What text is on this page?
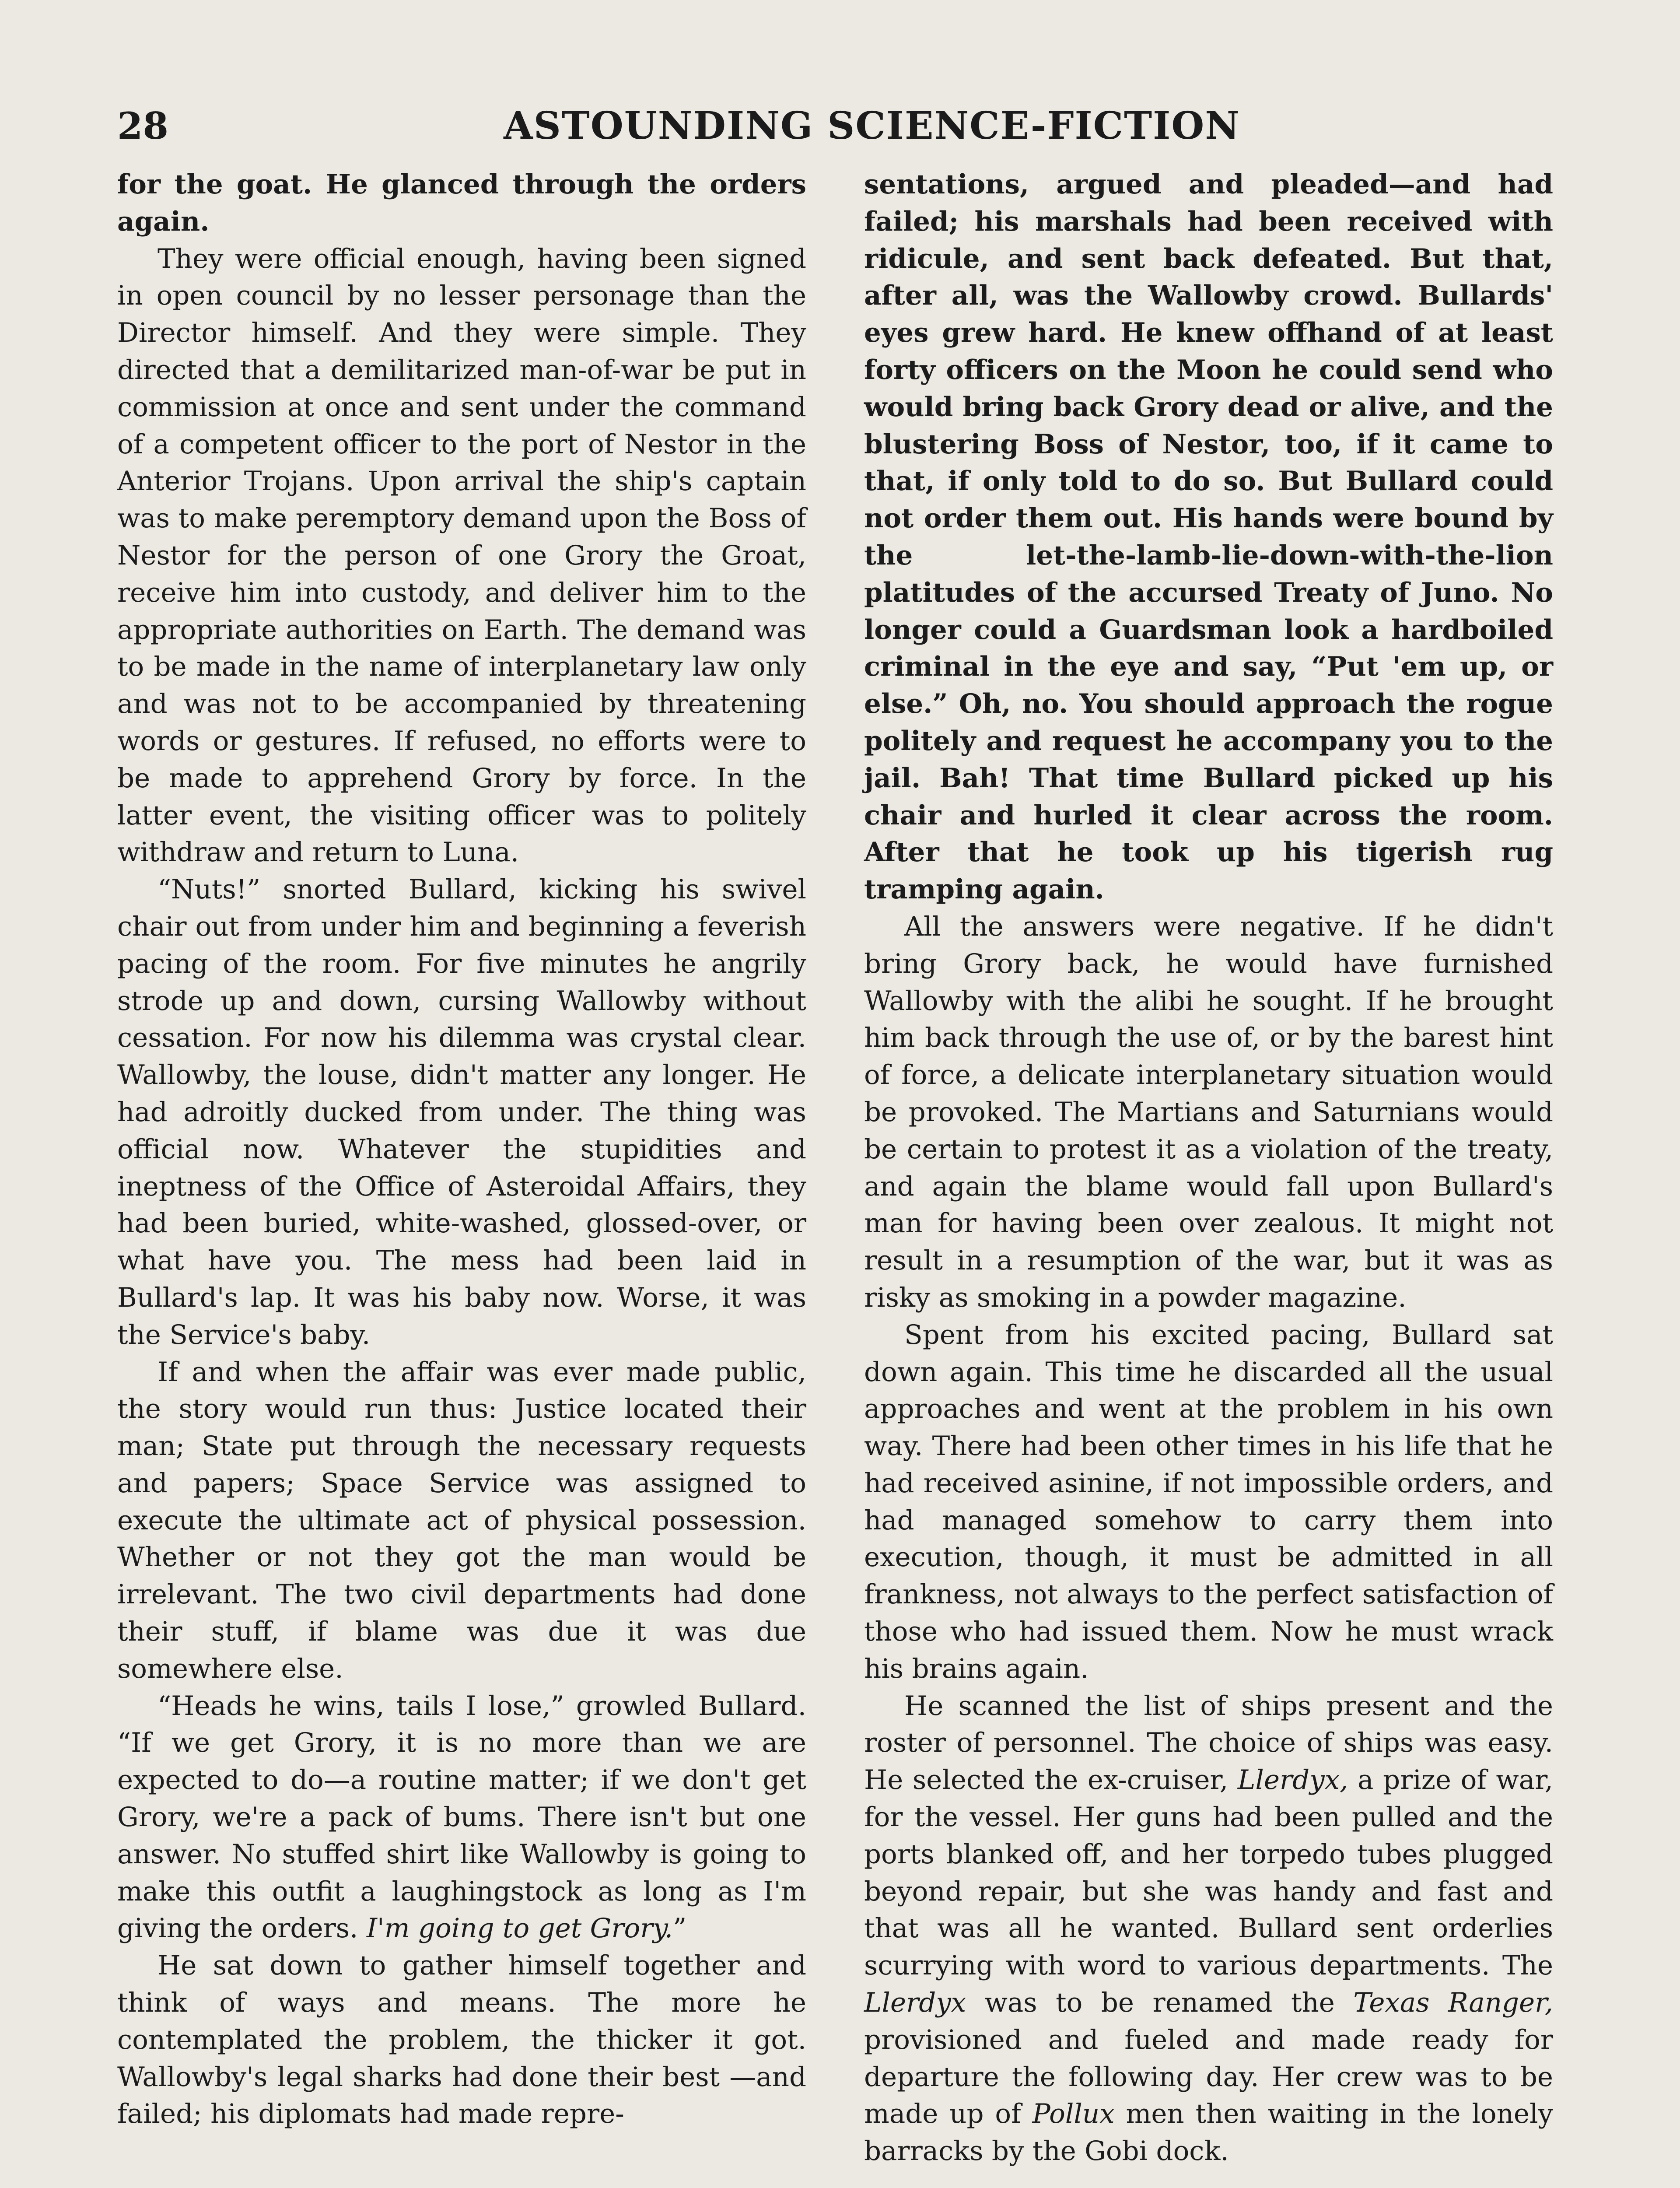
28	ASTOUNDING SCIENCE-FICTION

for the goat. He glanced through the orders again.

They were official enough, having been signed in open council by no lesser personage than the Director himself. And they were simple. They directed that a demilitarized man-of-war be put in commission at once and sent under the command of a competent officer to the port of Nestor in the Anterior Trojans. Upon arrival the ship's captain was to make peremptory demand upon the Boss of Nestor for the person of one Grory the Groat, receive him into custody, and deliver him to the appropriate authorities on Earth. The demand was to be made in the name of interplanetary law only and was not to be accompanied by threatening words or gestures. If refused, no efforts were to be made to apprehend Grory by force. In the latter event, the visiting officer was to politely withdraw and return to Luna.

“Nuts!” snorted Bullard, kicking his swivel chair out from under him and beginning a feverish pacing of the room. For five minutes he angrily strode up and down, cursing Wallowby without cessation. For now his dilemma was crystal clear. Wallowby, the louse, didn't matter any longer. He had adroitly ducked from under. The thing was official now. Whatever the stupidities and ineptness of the Office of Asteroidal Affairs, they had been buried, white-washed, glossed-over, or what have you. The mess had been laid in Bullard's lap. It was his baby now. Worse, it was the Service's baby.

If and when the affair was ever made public, the story would run thus: Justice located their man; State put through the necessary requests and papers; Space Service was assigned to execute the ultimate act of physical possession. Whether or not they got the man would be irrelevant. The two civil departments had done their stuff, if blame was due it was due somewhere else.

“Heads he wins, tails I lose,” growled Bullard. “If we get Grory, it is no more than we are expected to do—a routine matter; if we don't get Grory, we're a pack of bums. There isn't but one answer. No stuffed shirt like Wallowby is going to make this outfit a laughingstock as long as I'm giving the orders. I'm going to get Grory.”

He sat down to gather himself together and think of ways and means. The more he contemplated the problem, the thicker it got. Wallowby's legal sharks had done their best —and failed; his diplomats had made repre-

sentations, argued and pleaded—and had failed; his marshals had been received with ridicule, and sent back defeated. But that, after all, was the Wallowby crowd. Bullards' eyes grew hard. He knew offhand of at least forty officers on the Moon he could send who would bring back Grory dead or alive, and the blustering Boss of Nestor, too, if it came to that, if only told to do so. But Bullard could not order them out. His hands were bound by the let-the-lamb-lie-down-with-the-lion platitudes of the accursed Treaty of Juno. No longer could a Guardsman look a hardboiled criminal in the eye and say, “Put 'em up, or else.” Oh, no. You should approach the rogue politely and request he accompany you to the jail. Bah! That time Bullard picked up his chair and hurled it clear across the room. After that he took up his tigerish rug tramping again.

All the answers were negative. If he didn't bring Grory back, he would have furnished Wallowby with the alibi he sought. If he brought him back through the use of, or by the barest hint of force, a delicate interplanetary situation would be provoked. The Martians and Saturnians would be certain to protest it as a violation of the treaty, and again the blame would fall upon Bullard's man for having been over zealous. It might not result in a resumption of the war, but it was as risky as smoking in a powder magazine.

Spent from his excited pacing, Bullard sat down again. This time he discarded all the usual approaches and went at the problem in his own way. There had been other times in his life that he had received asinine, if not impossible orders, and had managed somehow to carry them into execution, though, it must be admitted in all frankness, not always to the perfect satisfaction of those who had issued them. Now he must wrack his brains again.

He scanned the list of ships present and the roster of personnel. The choice of ships was easy. He selected the ex-cruiser, Llerdyx, a prize of war, for the vessel. Her guns had been pulled and the ports blanked off, and her torpedo tubes plugged beyond repair, but she was handy and fast and that was all he wanted. Bullard sent orderlies scurrying with word to various departments. The Llerdyx was to be renamed the Texas Ranger, provisioned and fueled and made ready for departure the following day. Her crew was to be made up of Pollux men then waiting in the lonely barracks by the Gobi dock.
